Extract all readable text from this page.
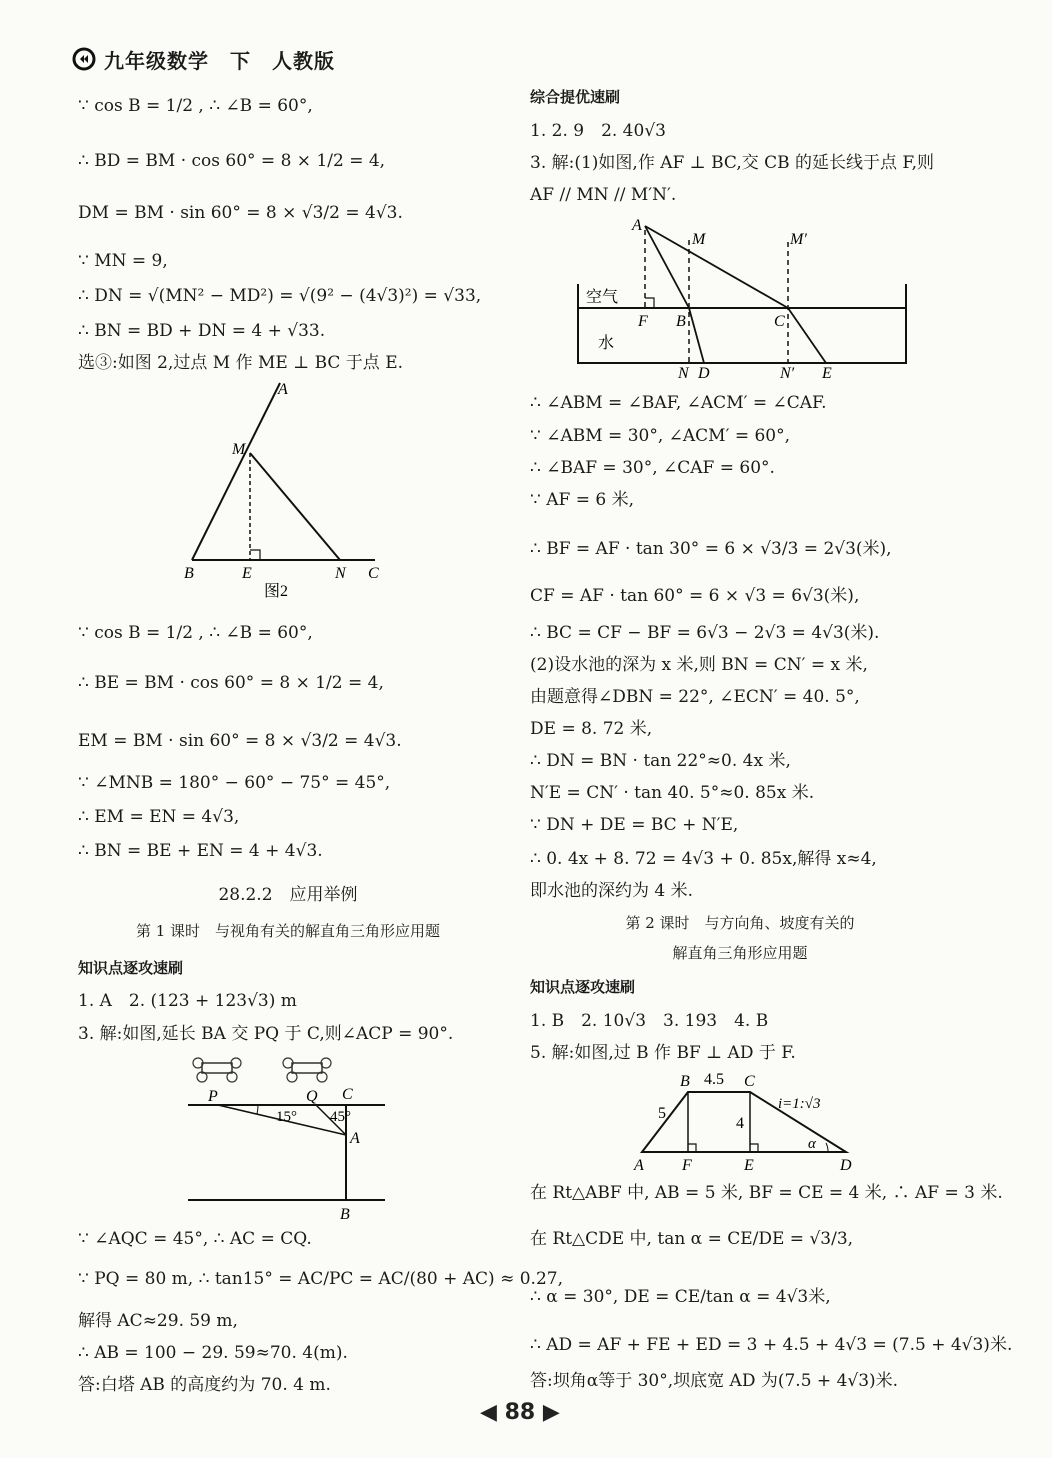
九年级数学　下　人教版
∵ cos B = 1/2 , ∴ ∠B = 60°,
∴ BD = BM · cos 60° = 8 × 1/2 = 4,
DM = BM · sin 60° = 8 × √3/2 = 4√3.
∵ MN = 9,
∴ DN = √(MN² − MD²) = √(9² − (4√3)²) = √33,
∴ BN = BD + DN = 4 + √33.
选③:如图 2,过点 M 作 ME ⊥ BC 于点 E.
A
M
B	E	N C
图2
∵ cos B = 1/2 , ∴ ∠B = 60°,
∴ BE = BM · cos 60° = 8 × 1/2 = 4,
EM = BM · sin 60° = 8 × √3/2 = 4√3.
∵ ∠MNB = 180° − 60° − 75° = 45°,
∴ EM = EN = 4√3,
∴ BN = BE + EN = 4 + 4√3.
28.2.2　应用举例
第 1 课时　与视角有关的解直角三角形应用题
知识点逐攻速刷
1. A　2. (123 + 123√3) m
3. 解:如图,延长 BA 交 PQ 于 C,则∠ACP = 90°.
P	Q C
A
B
15° 45°
∵ ∠AQC = 45°, ∴ AC = CQ.
∵ PQ = 80 m, ∴ tan15° = AC/PC = AC/(80 + AC) ≈ 0.27,
解得 AC≈29. 59 m,
∴ AB = 100 − 29. 59≈70. 4(m).
答:白塔 AB 的高度约为 70. 4 m.
综合提优速刷
1. 2. 9　2. 40√3
3. 解:(1)如图,作 AF ⊥ BC,交 CB 的延长线于点 F,则
AF // MN // M′N′.
A
M	M′
空气
F B	C
水
N D	N′ E
∴ ∠ABM = ∠BAF, ∠ACM′ = ∠CAF.
∵ ∠ABM = 30°, ∠ACM′ = 60°,
∴ ∠BAF = 30°, ∠CAF = 60°.
∵ AF = 6 米,
∴ BF = AF · tan 30° = 6 × √3/3 = 2√3(米),
CF = AF · tan 60° = 6 × √3 = 6√3(米),
∴ BC = CF − BF = 6√3 − 2√3 = 4√3(米).
(2)设水池的深为 x 米,则 BN = CN′ = x 米,
由题意得∠DBN = 22°, ∠ECN′ = 40. 5°,
DE = 8. 72 米,
∴ DN = BN · tan 22°≈0. 4x 米,
N′E = CN′ · tan 40. 5°≈0. 85x 米.
∵ DN + DE = BC + N′E,
∴ 0. 4x + 8. 72 = 4√3 + 0. 85x,解得 x≈4,
即水池的深约为 4 米.
第 2 课时　与方向角、坡度有关的
解直角三角形应用题
知识点逐攻速刷
1. B　2. 10√3　3. 193　4. B
5. 解:如图,过 B 作 BF ⊥ AD 于 F.
B 4.5 C
5
i=1:√3
4
α
A F	E	D
在 Rt△ABF 中, AB = 5 米, BF = CE = 4 米, ∴ AF = 3 米.
在 Rt△CDE 中, tan α = CE/DE = √3/3,
∴ α = 30°, DE = CE/tan α = 4√3米,
∴ AD = AF + FE + ED = 3 + 4.5 + 4√3 = (7.5 + 4√3)米.
答:坝角α等于 30°,坝底宽 AD 为(7.5 + 4√3)米.
◀ 88 ▶
